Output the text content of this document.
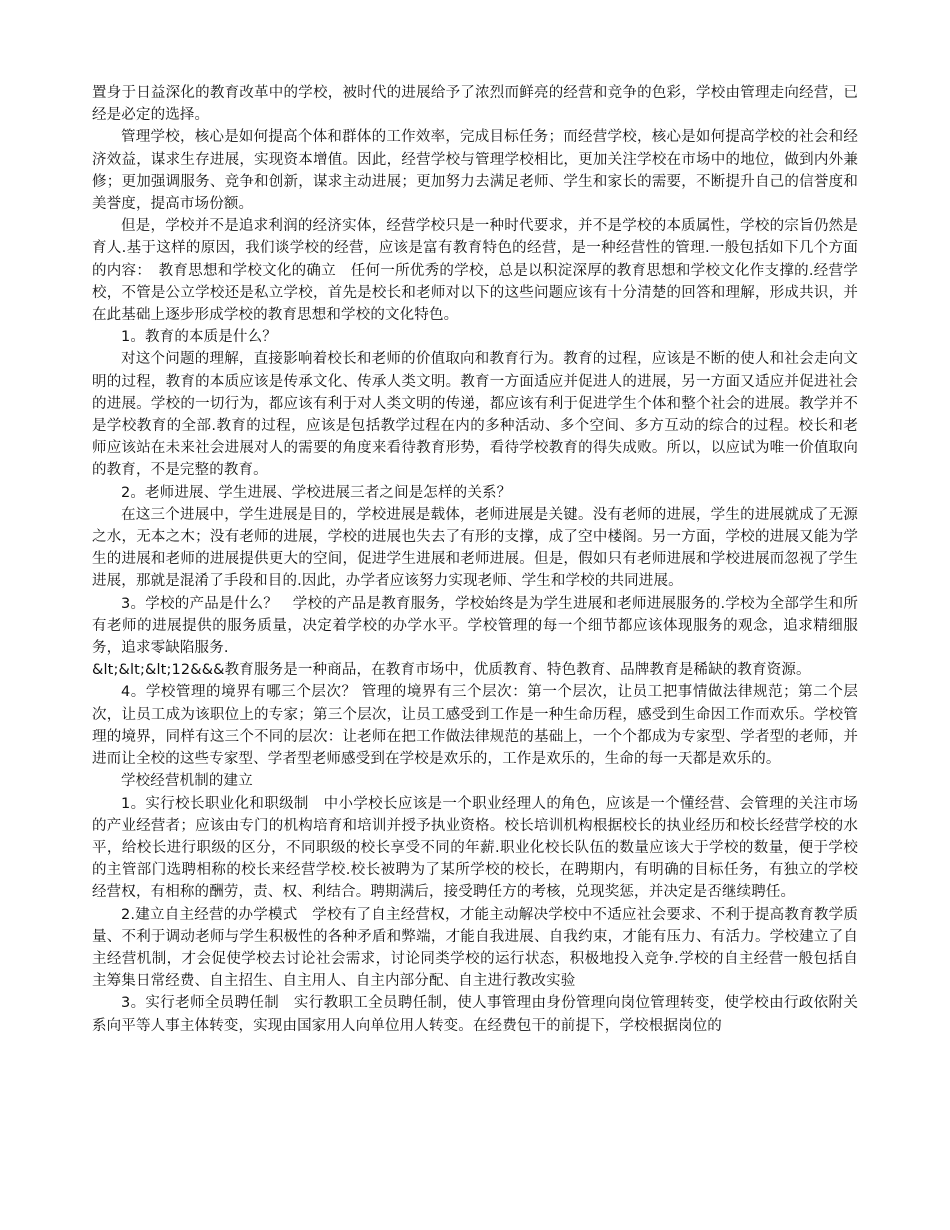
置身于日益深化的教育改革中的学校，被时代的进展给予了浓烈而鲜亮的经营和竞争的色彩，学校由管理走向经营，已经是必定的选择。

管理学校，核心是如何提高个体和群体的工作效率，完成目标任务；而经营学校，核心是如何提高学校的社会和经济效益，谋求生存进展，实现资本增值。因此，经营学校与管理学校相比，更加关注学校在市场中的地位，做到内外兼修；更加强调服务、竞争和创新，谋求主动进展；更加努力去满足老师、学生和家长的需要，不断提升自己的信誉度和美誉度，提高市场份额。

但是，学校并不是追求利润的经济实体，经营学校只是一种时代要求，并不是学校的本质属性，学校的宗旨仍然是育人.基于这样的原因，我们谈学校的经营，应该是富有教育特色的经营，是一种经营性的管理.一般包括如下几个方面的内容：　教育思想和学校文化的确立　任何一所优秀的学校，总是以积淀深厚的教育思想和学校文化作支撑的.经营学校，不管是公立学校还是私立学校，首先是校长和老师对以下的这些问题应该有十分清楚的回答和理解，形成共识，并在此基础上逐步形成学校的教育思想和学校的文化特色。

1。教育的本质是什么？

对这个问题的理解，直接影响着校长和老师的价值取向和教育行为。教育的过程，应该是不断的使人和社会走向文明的过程，教育的本质应该是传承文化、传承人类文明。教育一方面适应并促进人的进展，另一方面又适应并促进社会的进展。学校的一切行为，都应该有利于对人类文明的传递，都应该有利于促进学生个体和整个社会的进展。教学并不是学校教育的全部.教育的过程，应该是包括教学过程在内的多种活动、多个空间、多方互动的综合的过程。校长和老师应该站在未来社会进展对人的需要的角度来看待教育形势，看待学校教育的得失成败。所以，以应试为唯一价值取向的教育，不是完整的教育。

2。老师进展、学生进展、学校进展三者之间是怎样的关系？

在这三个进展中，学生进展是目的，学校进展是载体，老师进展是关键。没有老师的进展，学生的进展就成了无源之水，无本之木；没有老师的进展，学校的进展也失去了有形的支撑，成了空中楼阁。另一方面，学校的进展又能为学生的进展和老师的进展提供更大的空间，促进学生进展和老师进展。但是，假如只有老师进展和学校进展而忽视了学生进展，那就是混淆了手段和目的.因此，办学者应该努力实现老师、学生和学校的共同进展。

3。学校的产品是什么？　学校的产品是教育服务，学校始终是为学生进展和老师进展服务的.学校为全部学生和所有老师的进展提供的服务质量，决定着学校的办学水平。学校管理的每一个细节都应该体现服务的观念，追求精细服务，追求零缺陷服务.

&lt;&lt;&lt;12&&&教育服务是一种商品，在教育市场中，优质教育、特色教育、品牌教育是稀缺的教育资源。

4。学校管理的境界有哪三个层次？ 管理的境界有三个层次：第一个层次，让员工把事情做法律规范；第二个层次，让员工成为该职位上的专家；第三个层次，让员工感受到工作是一种生命历程，感受到生命因工作而欢乐。学校管理的境界，同样有这三个不同的层次：让老师在把工作做法律规范的基础上，一个个都成为专家型、学者型的老师，并进而让全校的这些专家型、学者型老师感受到在学校是欢乐的，工作是欢乐的，生命的每一天都是欢乐的。

学校经营机制的建立

1。实行校长职业化和职级制　中小学校长应该是一个职业经理人的角色，应该是一个懂经营、会管理的关注市场的产业经营者；应该由专门的机构培育和培训并授予执业资格。校长培训机构根据校长的执业经历和校长经营学校的水平，给校长进行职级的区分，不同职级的校长享受不同的年薪.职业化校长队伍的数量应该大于学校的数量，便于学校的主管部门选聘相称的校长来经营学校.校长被聘为了某所学校的校长，在聘期内，有明确的目标任务，有独立的学校经营权，有相称的酬劳，责、权、利结合。聘期满后，接受聘任方的考核，兑现奖惩，并决定是否继续聘任。

2.建立自主经营的办学模式　学校有了自主经营权，才能主动解决学校中不适应社会要求、不利于提高教育教学质量、不利于调动老师与学生积极性的各种矛盾和弊端，才能自我进展、自我约束，才能有压力、有活力。学校建立了自主经营机制，才会促使学校去讨论社会需求，讨论同类学校的运行状态，积极地投入竞争.学校的自主经营一般包括自主筹集日常经费、自主招生、自主用人、自主内部分配、自主进行教改实验

3。实行老师全员聘任制　实行教职工全员聘任制，使人事管理由身份管理向岗位管理转变，使学校由行政依附关系向平等人事主体转变，实现由国家用人向单位用人转变。在经费包干的前提下，学校根据岗位的
